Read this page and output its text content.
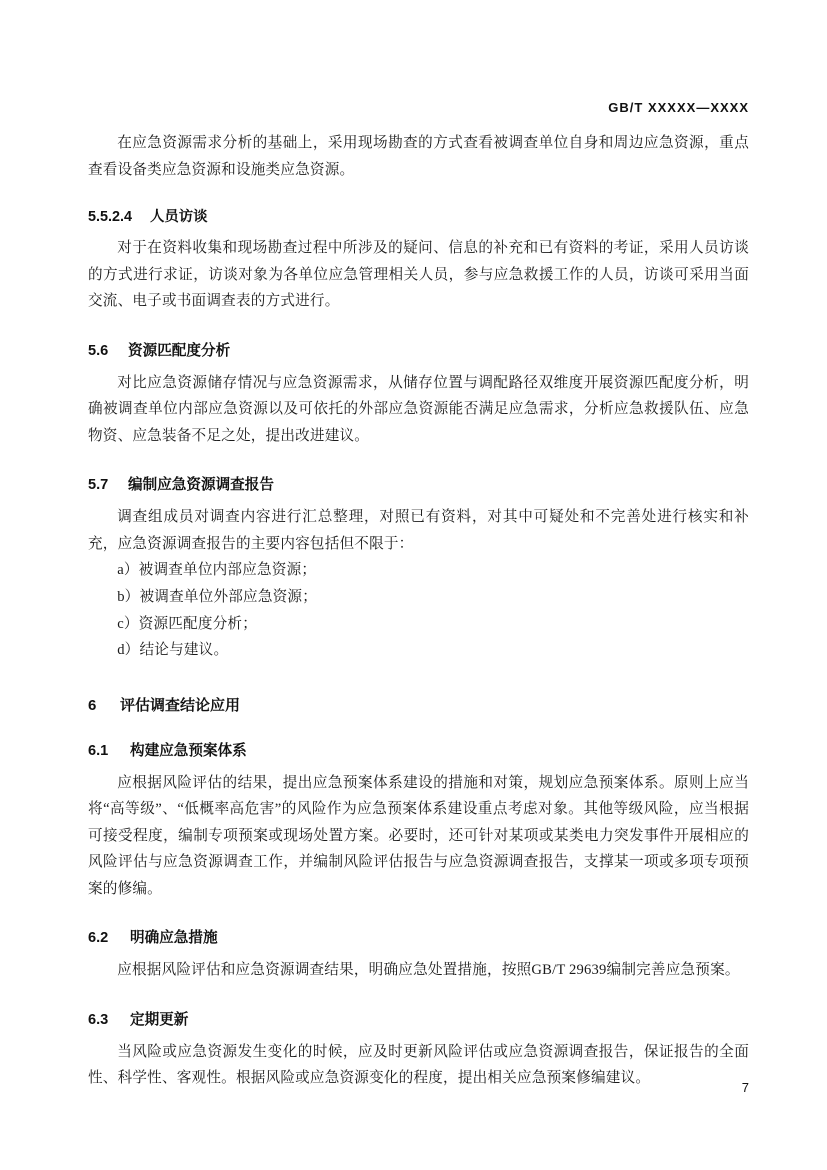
GB/T XXXXX—XXXX

在应急资源需求分析的基础上，采用现场勘查的方式查看被调查单位自身和周边应急资源，重点查看设备类应急资源和设施类应急资源。

5.5.2.4 人员访谈

对于在资料收集和现场勘查过程中所涉及的疑问、信息的补充和已有资料的考证，采用人员访谈的方式进行求证，访谈对象为各单位应急管理相关人员，参与应急救援工作的人员，访谈可采用当面交流、电子或书面调查表的方式进行。

5.6 资源匹配度分析

对比应急资源储存情况与应急资源需求，从储存位置与调配路径双维度开展资源匹配度分析，明确被调查单位内部应急资源以及可依托的外部应急资源能否满足应急需求，分析应急救援队伍、应急物资、应急装备不足之处，提出改进建议。

5.7 编制应急资源调查报告

调查组成员对调查内容进行汇总整理，对照已有资料，对其中可疑处和不完善处进行核实和补充，应急资源调查报告的主要内容包括但不限于：

a）被调查单位内部应急资源；
b）被调查单位外部应急资源；
c）资源匹配度分析；
d）结论与建议。
6 评估调查结论应用
6.1 构建应急预案体系

应根据风险评估的结果，提出应急预案体系建设的措施和对策，规划应急预案体系。原则上应当将“高等级”、“低概率高危害”的风险作为应急预案体系建设重点考虑对象。其他等级风险，应当根据可接受程度，编制专项预案或现场处置方案。必要时，还可针对某项或某类电力突发事件开展相应的风险评估与应急资源调查工作，并编制风险评估报告与应急资源调查报告，支撑某一项或多项专项预案的修编。

6.2 明确应急措施

应根据风险评估和应急资源调查结果，明确应急处置措施，按照GB/T 29639编制完善应急预案。

6.3 定期更新

当风险或应急资源发生变化的时候，应及时更新风险评估或应急资源调查报告，保证报告的全面性、科学性、客观性。根据风险或应急资源变化的程度，提出相关应急预案修编建议。

7
